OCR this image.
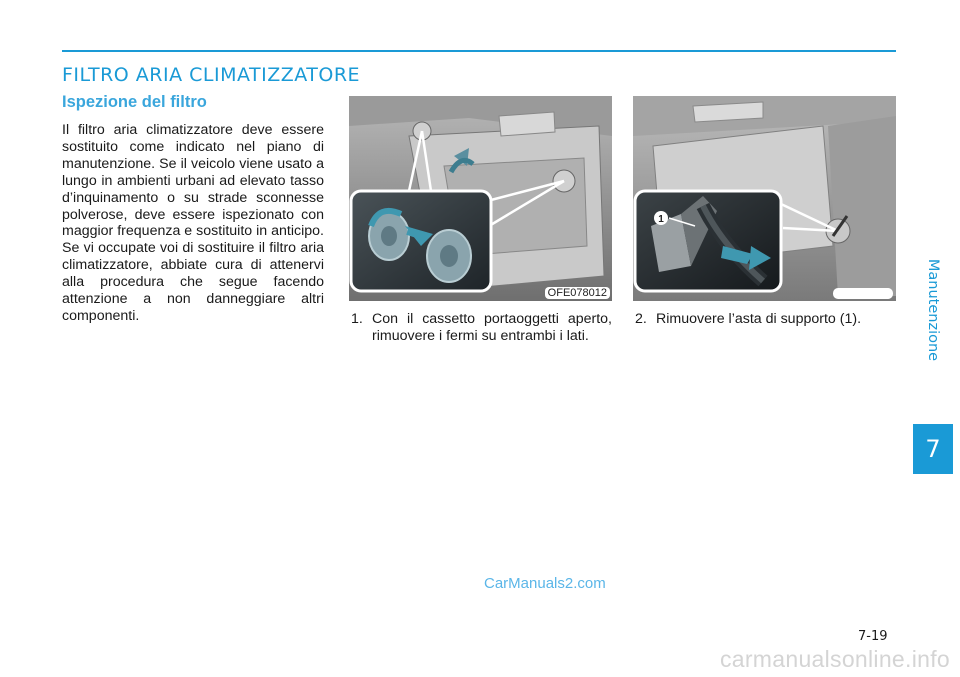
FILTRO ARIA CLIMATIZZATORE
Ispezione del filtro

Il filtro aria climatizzatore deve essere sostituito come indicato nel piano di manutenzione. Se il veicolo viene usato a lungo in ambienti urbani ad elevato tasso d’inquinamento o su strade sconnesse polverose, deve essere ispezionato con maggior frequenza e sostituito in anticipo. Se vi occupate voi di sostituire il filtro aria climatizzatore, abbiate cura di attenervi alla procedura che segue facendo attenzione a non danneggiare altri componenti.

OFE078012
1
1. Con il cassetto portaoggetti aperto, rimuovere i fermi su entrambi i lati.
2. Rimuovere l’asta di supporto (1).	Manutenzione
7
CarManuals2.com
7-19
carmanualsonline.info
